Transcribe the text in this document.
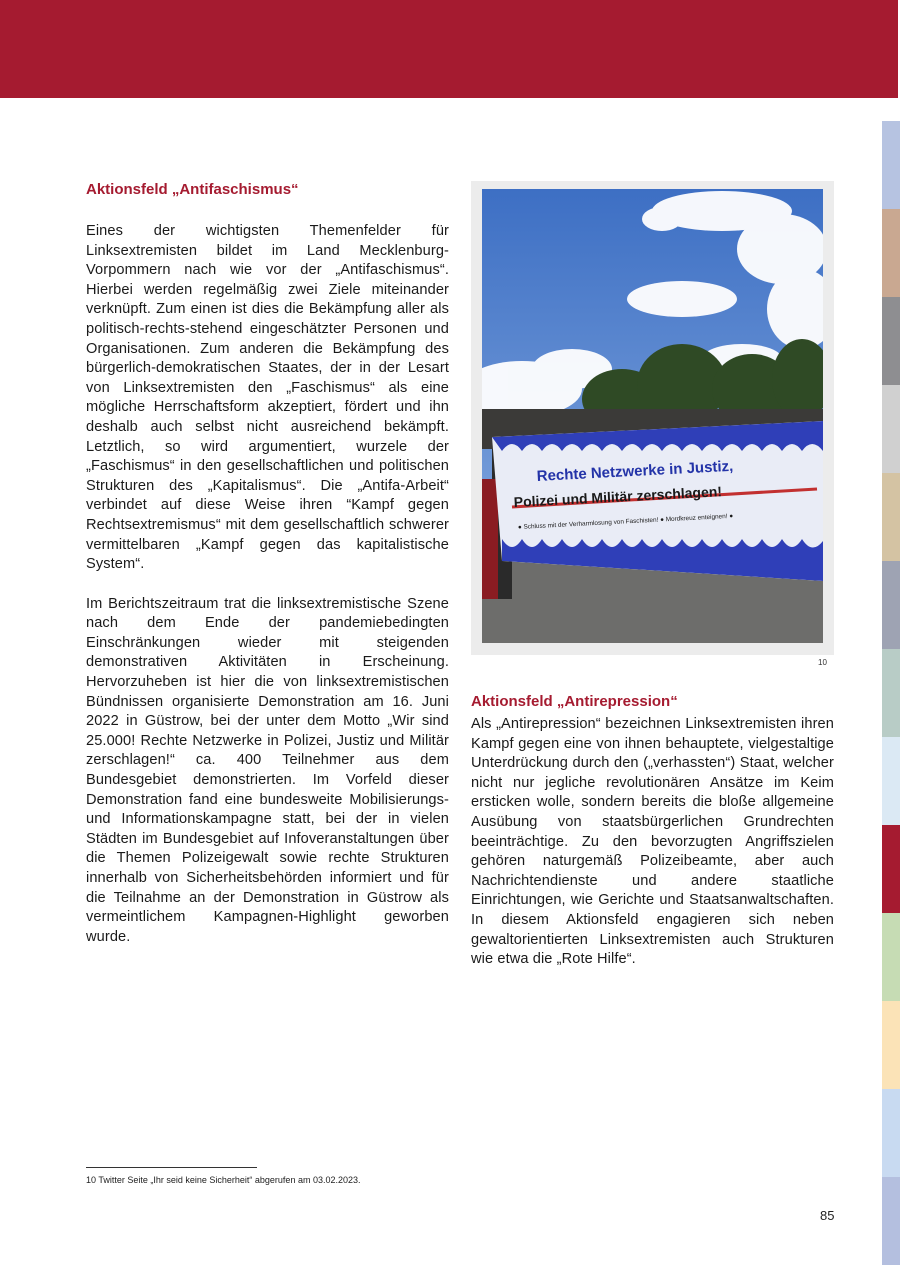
Aktionsfeld „Antifaschismus“

Eines der wichtigsten Themenfelder für Linksextremisten bildet im Land Mecklenburg-Vorpommern nach wie vor der „Antifaschismus“. Hierbei werden regelmäßig zwei Ziele miteinander verknüpft. Zum einen ist dies die Bekämpfung aller als politisch-rechts-stehend eingeschätzter Personen und Organisationen. Zum anderen die Bekämpfung des bürgerlich-demokratischen Staates, der in der Lesart von Linksextremisten den „Faschismus“ als eine mögliche Herrschaftsform akzeptiert, fördert und ihn deshalb auch selbst nicht ausreichend bekämpft. Letztlich, so wird argumentiert, wurzele der „Faschismus“ in den gesellschaftlichen und politischen Strukturen des „Kapitalismus“. Die „Antifa-Arbeit“ verbindet auf diese Weise ihren “Kampf gegen Rechtsextremismus“ mit dem gesellschaftlich schwerer vermittelbaren „Kampf gegen das kapitalistische System“.

Im Berichtszeitraum trat die linksextremistische Szene nach dem Ende der pandemiebedingten Einschränkungen wieder mit steigenden demonstrativen Aktivitäten in Erscheinung. Hervorzuheben ist hier die von linksextremistischen Bündnissen organisierte Demonstration am 16. Juni 2022 in Güstrow, bei der unter dem Motto „Wir sind 25.000! Rechte Netzwerke in Polizei, Justiz und Militär zerschlagen!“ ca. 400 Teilnehmer aus dem Bundesgebiet demonstrierten. Im Vorfeld dieser Demonstration fand eine bundesweite Mobilisierungs- und Informationskampagne statt, bei der in vielen Städten im Bundesgebiet auf Infoveranstaltungen über die Themen Polizeigewalt sowie rechte Strukturen innerhalb von Sicherheitsbehörden informiert und für die Teilnahme an der Demonstration in Güstrow als vermeintlichem Kampagnen-Highlight geworben wurde.

Rechte Netzwerke in Justiz,
Polizei und Militär zerschlagen!
● Schluss mit der Verharmlosung von Faschisten! ● Mordkreuz enteignen! ●
10
Aktionsfeld „Antirepression“

Als „Antirepression“ bezeichnen Linksextremisten ihren Kampf gegen eine von ihnen behauptete, vielgestaltige Unterdrückung durch den („verhassten“) Staat, welcher nicht nur jegliche revolutionären Ansätze im Keim ersticken wolle, sondern bereits die bloße allgemeine Ausübung von staatsbürgerlichen Grundrechten beeinträchtige. Zu den bevorzugten Angriffszielen gehören naturgemäß Polizeibeamte, aber auch Nachrichtendienste und andere staatliche Einrichtungen, wie Gerichte und Staatsanwaltschaften. In diesem Aktionsfeld engagieren sich neben gewaltorientierten Linksextremisten auch Strukturen wie etwa die „Rote Hilfe“.

10 Twitter Seite „Ihr seid keine Sicherheit“ abgerufen am 03.02.2023.
85
